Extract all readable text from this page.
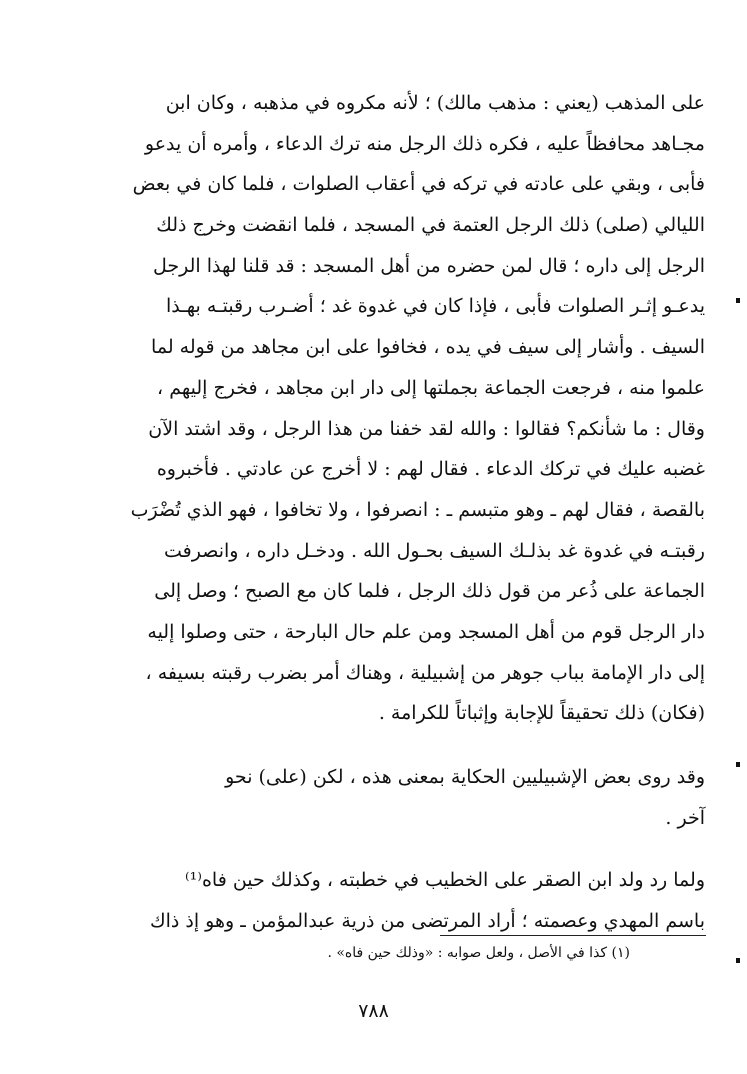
على المذهب (يعني : مذهب مالك) ؛ لأنه مكروه في مذهبه ، وكان ابن
مجـاهد محافظاً عليه ، فكره ذلك الرجل منه ترك الدعاء ، وأمره أن يدعو
فأبى ، وبقي على عادته في تركه في أعقاب الصلوات ، فلما كان في بعض
الليالي (صلى) ذلك الرجل العتمة في المسجد ، فلما انقضت وخرج ذلك
الرجل إلى داره ؛ قال لمن حضره من أهل المسجد : قد قلنا لهذا الرجل
يدعـو إثـر الصلوات فأبى ، فإذا كان في غدوة غد ؛ أضـرب رقبتـه بهـذا
السيف . وأشار إلى سيف في يده ، فخافوا على ابن مجاهد من قوله لما
علموا منه ، فرجعت الجماعة بجملتها إلى دار ابن مجاهد ، فخرج إليهم ،
وقال : ما شأنكم؟ فقالوا : والله لقد خفنا من هذا الرجل ، وقد اشتد الآن
غضبه عليك في تركك الدعاء . فقال لهم : لا أخرج عن عادتي . فأخبروه
بالقصة ، فقال لهم ـ وهو متبسم ـ : انصرفوا ، ولا تخافوا ، فهو الذي تُضْرَب
رقبتـه في غدوة غد بذلـك السيف بحـول الله . ودخـل داره ، وانصرفت
الجماعة على ذُعر من قول ذلك الرجل ، فلما كان مع الصبح ؛ وصل إلى
دار الرجل قوم من أهل المسجد ومن علم حال البارحة ، حتى وصلوا إليه
إلى دار الإمامة بباب جوهر من إشبيلية ، وهناك أمر بضرب رقبته بسيفه ،
(فكان) ذلك تحقيقاً للإجابة وإثباتاً للكرامة .
وقد روى بعض الإشبيليين الحكاية بمعنى هذه ، لكن (على) نحو
آخر .
ولما رد ولد ابن الصقر على الخطيب في خطبته ، وكذلك حين فاه⁽¹⁾
باسم المهدي وعصمته ؛ أراد المرتضى من ذرية عبدالمؤمن ـ وهو إذ ذاك
(١) كذا في الأصل ، ولعل صوابه : «وذلك حين فاه» .
٧٨٨
